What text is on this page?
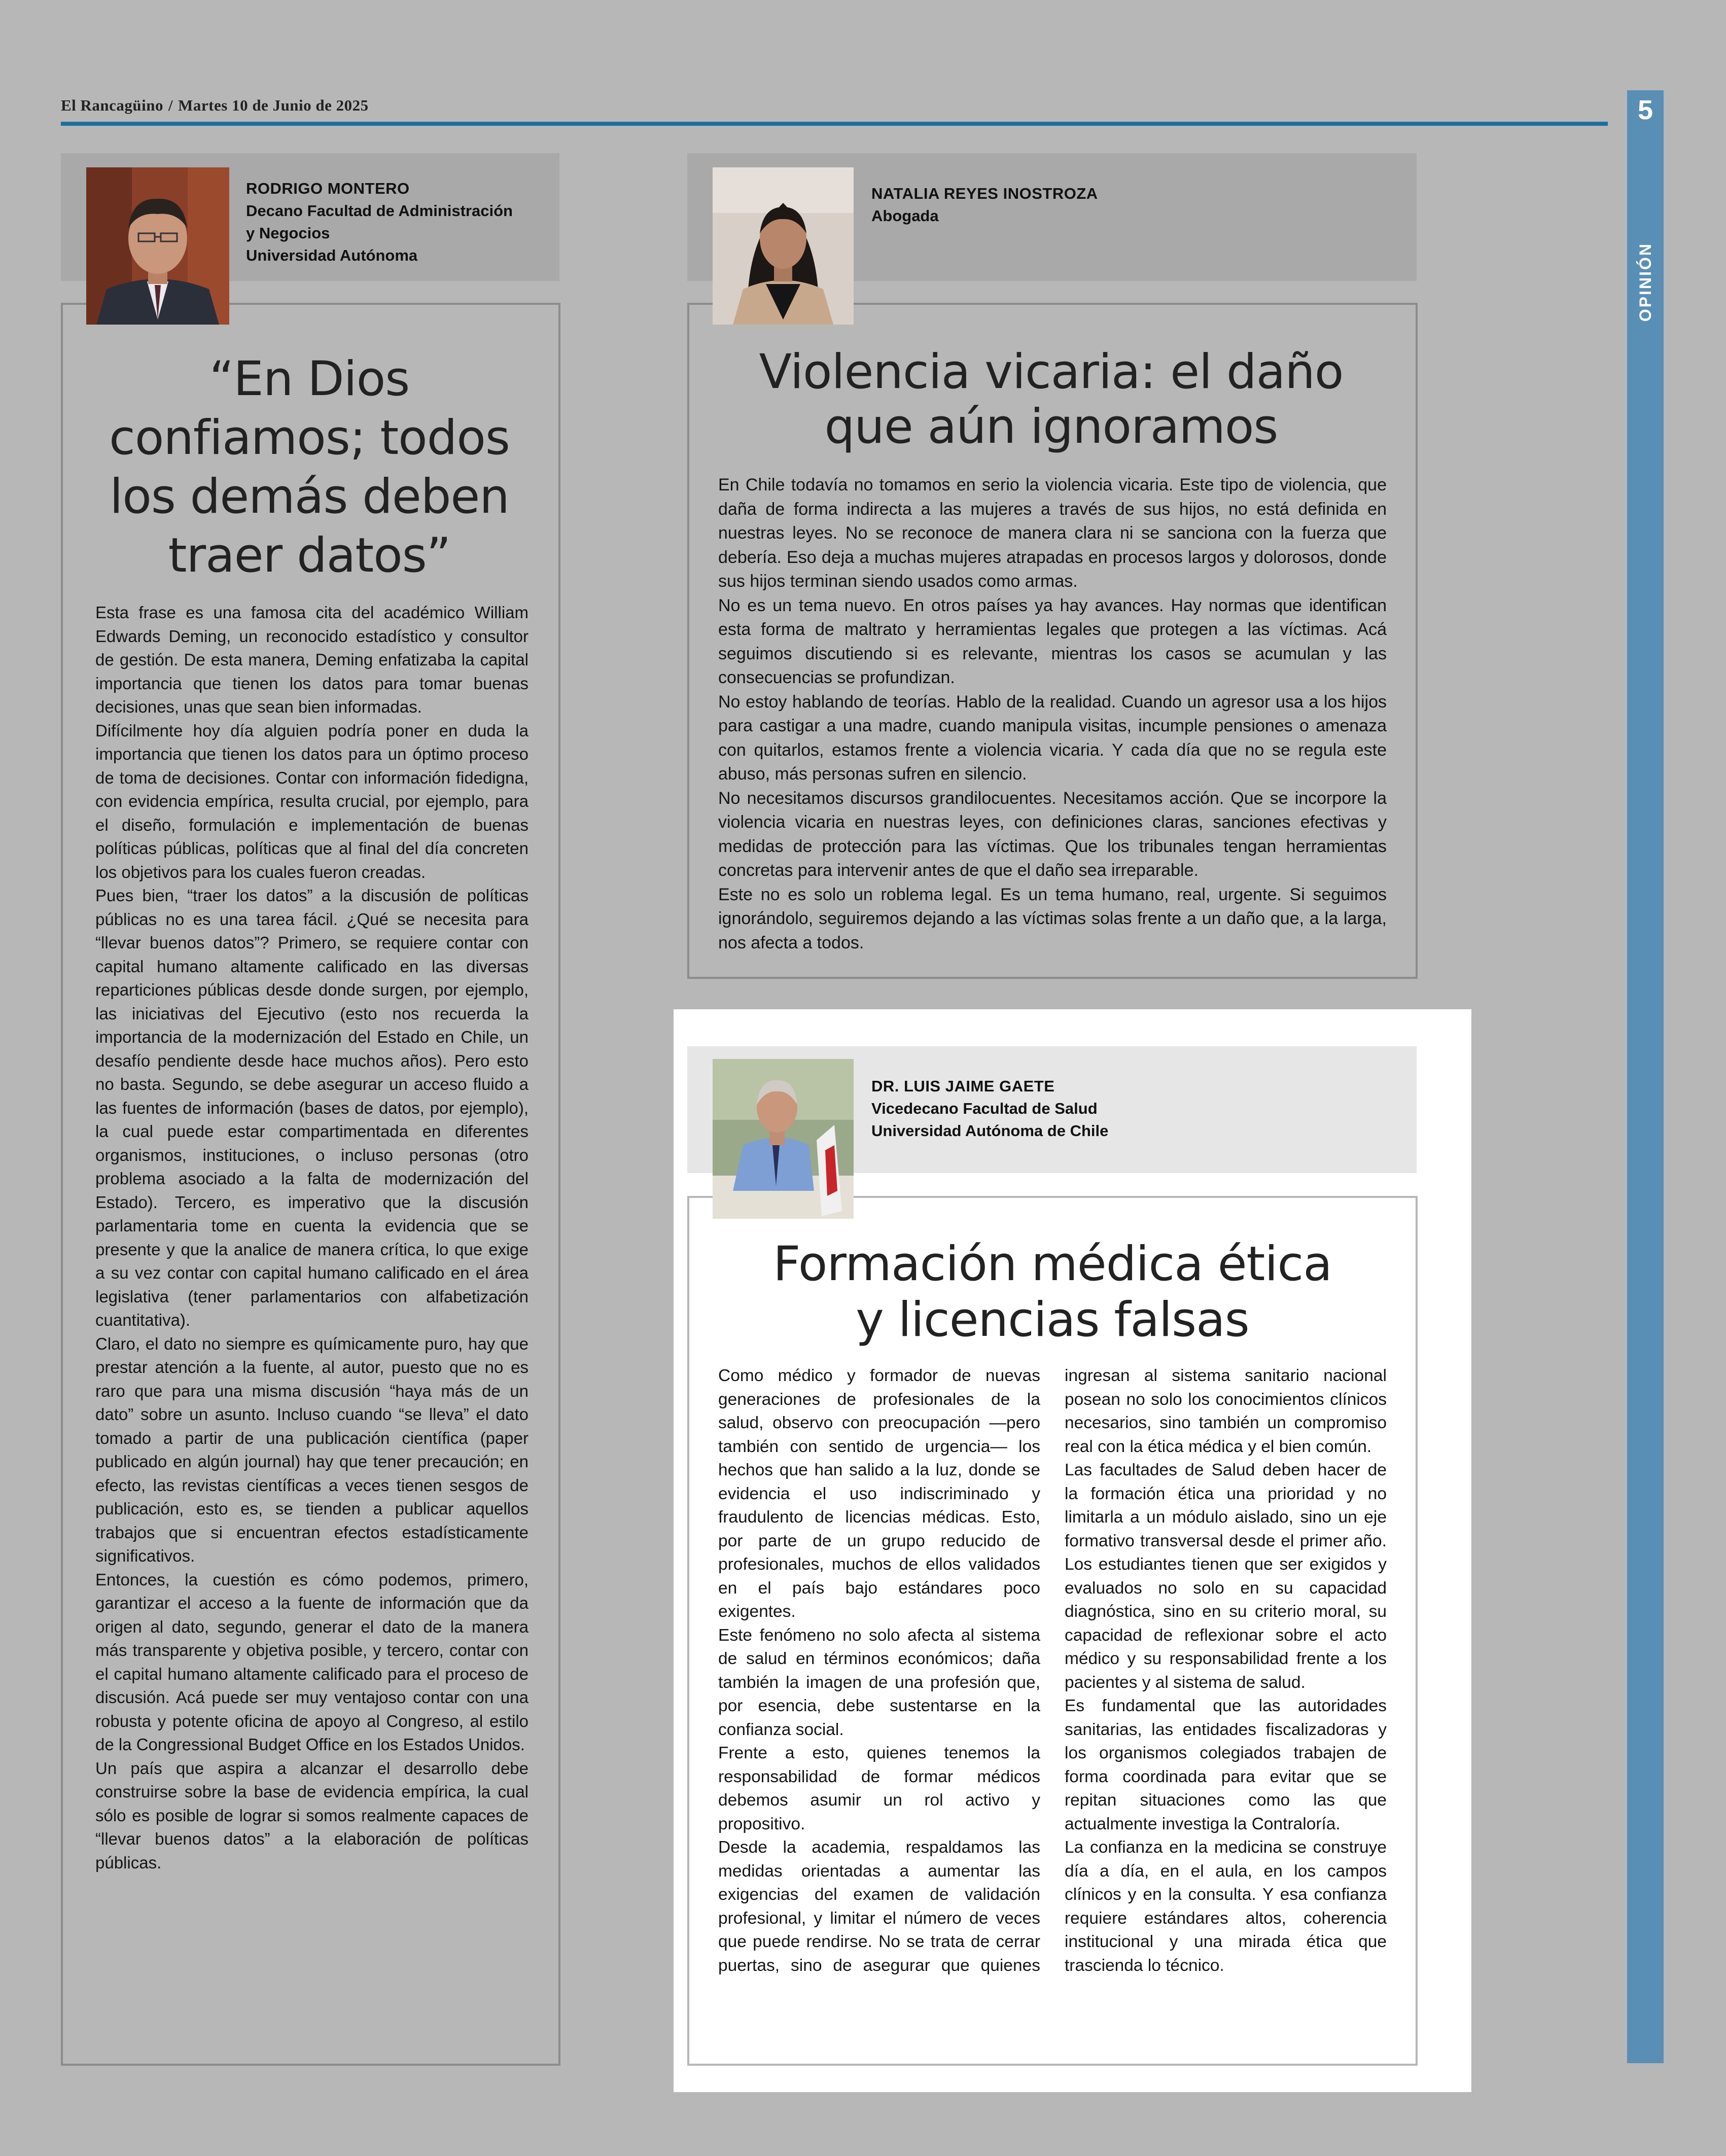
El Rancagüino / Martes 10 de Junio de 2025	5
OPINIÓN
RODRIGO MONTERO
Decano Facultad de Administración
y Negocios
Universidad Autónoma
“En Dios confiamos; todos los demás deben traer datos”

Esta frase es una famosa cita del académico William Edwards Deming, un reconocido estadístico y consultor de gestión. De esta manera, Deming enfatizaba la capital importancia que tienen los datos para tomar buenas decisiones, unas que sean bien informadas.

Difícilmente hoy día alguien podría poner en duda la importancia que tienen los datos para un óptimo proceso de toma de decisiones. Contar con información fidedigna, con evidencia empírica, resulta crucial, por ejemplo, para el diseño, formulación e implementación de buenas políticas públicas, políticas que al final del día concreten los objetivos para los cuales fueron creadas.

Pues bien, “traer los datos” a la discusión de políticas públicas no es una tarea fácil. ¿Qué se necesita para “llevar buenos datos”? Primero, se requiere contar con capital humano altamente calificado en las diversas reparticiones públicas desde donde surgen, por ejemplo, las iniciativas del Ejecutivo (esto nos recuerda la importancia de la modernización del Estado en Chile, un desafío pendiente desde hace muchos años). Pero esto no basta. Segundo, se debe asegurar un acceso fluido a las fuentes de información (bases de datos, por ejemplo), la cual puede estar compartimentada en diferentes organismos, instituciones, o incluso personas (otro problema asociado a la falta de modernización del Estado). Tercero, es imperativo que la discusión parlamentaria tome en cuenta la evidencia que se presente y que la analice de manera crítica, lo que exige a su vez contar con capital humano calificado en el área legislativa (tener parlamentarios con alfabetización cuantitativa).

Claro, el dato no siempre es químicamente puro, hay que prestar atención a la fuente, al autor, puesto que no es raro que para una misma discusión “haya más de un dato” sobre un asunto. Incluso cuando “se lleva” el dato tomado a partir de una publicación científica (paper publicado en algún journal) hay que tener precaución; en efecto, las revistas científicas a veces tienen sesgos de publicación, esto es, se tienden a publicar aquellos trabajos que si encuentran efectos estadísticamente significativos.

Entonces, la cuestión es cómo podemos, primero, garantizar el acceso a la fuente de información que da origen al dato, segundo, generar el dato de la manera más transparente y objetiva posible, y tercero, contar con el capital humano altamente calificado para el proceso de discusión. Acá puede ser muy ventajoso contar con una robusta y potente oficina de apoyo al Congreso, al estilo de la Congressional Budget Office en los Estados Unidos.

Un país que aspira a alcanzar el desarrollo debe construirse sobre la base de evidencia empírica, la cual sólo es posible de lograr si somos realmente capaces de “llevar buenos datos” a la elaboración de políticas públicas.

NATALIA REYES INOSTROZA
Abogada
Violencia vicaria: el daño que aún ignoramos

En Chile todavía no tomamos en serio la violencia vicaria. Este tipo de violencia, que daña de forma indirecta a las mujeres a través de sus hijos, no está definida en nuestras leyes. No se reconoce de manera clara ni se sanciona con la fuerza que debería. Eso deja a muchas mujeres atrapadas en procesos largos y dolorosos, donde sus hijos terminan siendo usados como armas.

No es un tema nuevo. En otros países ya hay avances. Hay normas que identifican esta forma de maltrato y herramientas legales que protegen a las víctimas. Acá seguimos discutiendo si es relevante, mientras los casos se acumulan y las consecuencias se profundizan.

No estoy hablando de teorías. Hablo de la realidad. Cuando un agresor usa a los hijos para castigar a una madre, cuando manipula visitas, incumple pensiones o amenaza con quitarlos, estamos frente a violencia vicaria. Y cada día que no se regula este abuso, más personas sufren en silencio.

No necesitamos discursos grandilocuentes. Necesitamos acción. Que se incorpore la violencia vicaria en nuestras leyes, con definiciones claras, sanciones efectivas y medidas de protección para las víctimas. Que los tribunales tengan herramientas concretas para intervenir antes de que el daño sea irreparable.

Este no es solo un roblema legal. Es un tema humano, real, urgente. Si seguimos ignorándolo, seguiremos dejando a las víctimas solas frente a un daño que, a la larga, nos afecta a todos.

DR. LUIS JAIME GAETE
Vicedecano Facultad de Salud
Universidad Autónoma de Chile
Formación médica ética y licencias falsas

Como médico y formador de nuevas generaciones de profesionales de la salud, observo con preocupación —pero también con sentido de urgencia— los hechos que han salido a la luz, donde se evidencia el uso indiscriminado y fraudulento de licencias médicas. Esto, por parte de un grupo reducido de profesionales, muchos de ellos validados en el país bajo estándares poco exigentes.

Este fenómeno no solo afecta al sistema de salud en términos económicos; daña también la imagen de una profesión que, por esencia, debe sustentarse en la confianza social.

Frente a esto, quienes tenemos la responsabilidad de formar médicos debemos asumir un rol activo y propositivo.

Desde la academia, respaldamos las medidas orientadas a aumentar las exigencias del examen de validación profesional, y limitar el número de veces que puede rendirse. No se trata de cerrar puertas, sino de asegurar que quienes ingresan al sistema sanitario nacional posean no solo los conocimientos clínicos necesarios, sino también un compromiso real con la ética médica y el bien común.

Las facultades de Salud deben hacer de la formación ética una prioridad y no limitarla a un módulo aislado, sino un eje formativo transversal desde el primer año. Los estudiantes tienen que ser exigidos y evaluados no solo en su capacidad diagnóstica, sino en su criterio moral, su capacidad de reflexionar sobre el acto médico y su responsabilidad frente a los pacientes y al sistema de salud.

Es fundamental que las autoridades sanitarias, las entidades fiscalizadoras y los organismos colegiados trabajen de forma coordinada para evitar que se repitan situaciones como las que actualmente investiga la Contraloría.

La confianza en la medicina se construye día a día, en el aula, en los campos clínicos y en la consulta. Y esa confianza requiere estándares altos, coherencia institucional y una mirada ética que trascienda lo técnico.
